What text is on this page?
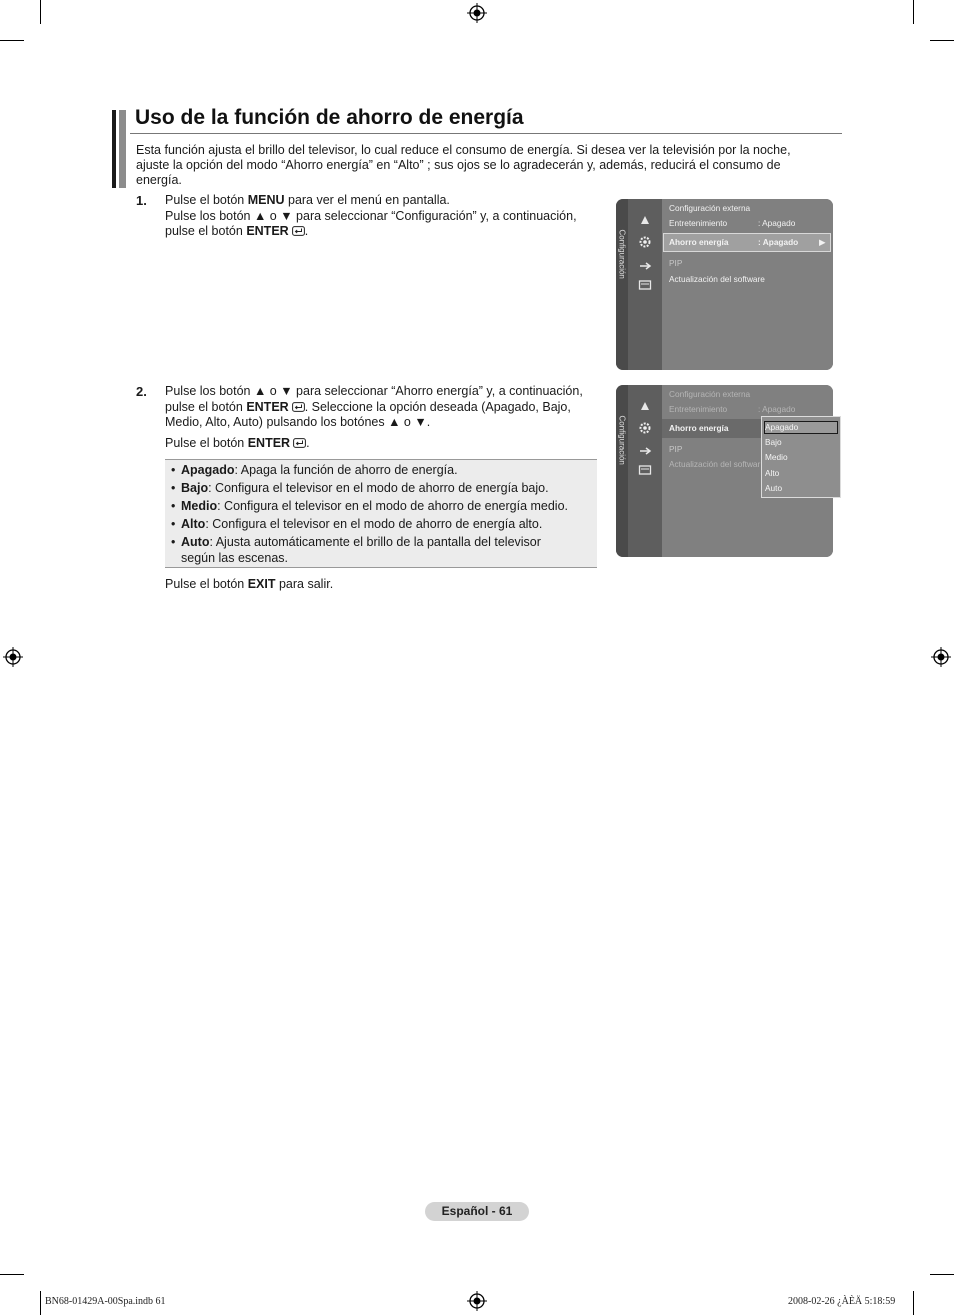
Uso de la función de ahorro de energía

Esta función ajusta el brillo del televisor, lo cual reduce el consumo de energía. Si desea ver la televisión por la noche, ajuste la opción del modo “Ahorro energía” en “Alto” ; sus ojos se lo agradecerán y, además, reducirá el consumo de energía.

1. Pulse el botón MENU para ver el menú en pantalla.
Pulse los botón ▲ o ▼ para seleccionar “Configuración” y, a continuación,
pulse el botón ENTER .
2. Pulse los botón ▲ o ▼ para seleccionar “Ahorro energía” y, a continuación,
pulse el botón ENTER . Seleccione la opción deseada (Apagado, Bajo,
Medio, Alto, Auto) pulsando los botónes ▲ o ▼.
Pulse el botón ENTER .
• Apagado: Apaga la función de ahorro de energía.
• Bajo: Configura el televisor en el modo de ahorro de energía bajo.
• Medio: Configura el televisor en el modo de ahorro de energía medio.
• Alto: Configura el televisor en el modo de ahorro de energía alto.
• Auto: Ajusta automáticamente el brillo de la pantalla del televisor
según las escenas.

Pulse el botón EXIT para salir.

Configuración
Configuración externa
Entretenimiento	: Apagado
Ahorro energía	: Apagado ▶
PIP
Actualización del software
Configuración
Configuración externa
Entretenimiento	: Apagado
Ahorro energía
PIP
Actualización del softwar
Apagado
Bajo
Medio
Alto
Auto
Español - 61
BN68-01429A-00Spa.indb 61	2008-02-26 ¿ÀÈÄ 5:18:59
